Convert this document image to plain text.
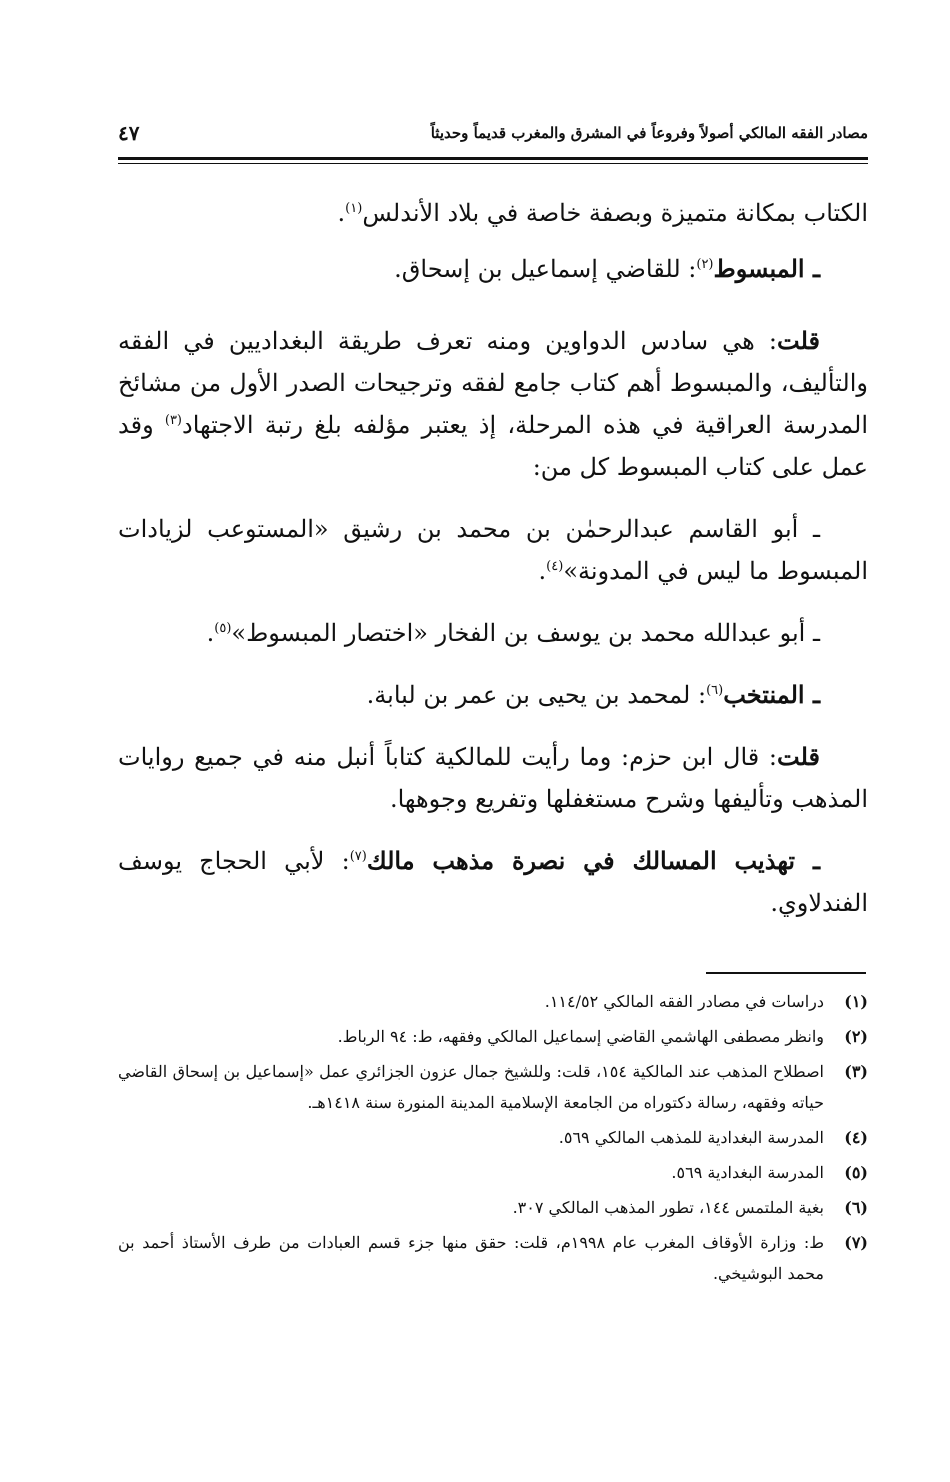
مصادر الفقه المالكي أصولاً وفروعاً في المشرق والمغرب قديماً وحديثاً
٤٧

الكتاب بمكانة متميزة وبصفة خاصة في بلاد الأندلس$^{(١)}$.

ـ المبسوط$^{(٢)}$: للقاضي إسماعيل بن إسحاق.

قلت: هي سادس الدواوين ومنه تعرف طريقة البغداديين في الفقه والتأليف، والمبسوط أهم كتاب جامع لفقه وترجيحات الصدر الأول من مشائخ المدرسة العراقية في هذه المرحلة، إذ يعتبر مؤلفه بلغ رتبة الاجتهاد$^{(٣)}$ وقد عمل على كتاب المبسوط كل من:

ـ أبو القاسم عبدالرحمٰن بن محمد بن رشيق «المستوعب لزيادات المبسوط ما ليس في المدونة»$^{(٤)}$.

ـ أبو عبدالله محمد بن يوسف بن الفخار «اختصار المبسوط»$^{(٥)}$.

ـ المنتخب$^{(٦)}$: لمحمد بن يحيى بن عمر بن لبابة.

قلت: قال ابن حزم: وما رأيت للمالكية كتاباً أنبل منه في جميع روايات المذهب وتأليفها وشرح مستغفلها وتفريع وجوهها.

ـ تهذيب المسالك في نصرة مذهب مالك$^{(٧)}$: لأبي الحجاج يوسف الفندلاوي.

(١)

دراسات في مصادر الفقه المالكي ١١٤/٥٢.

(٢)

وانظر مصطفى الهاشمي القاضي إسماعيل المالكي وفقهه، ط: ٩٤ الرباط.

(٣)

اصطلاح المذهب عند المالكية ١٥٤، قلت: وللشيخ جمال عزون الجزائري عمل «إسماعيل بن إسحاق القاضي حياته وفقهه، رسالة دكتوراه من الجامعة الإسلامية المدينة المنورة سنة ١٤١٨هـ.

(٤)

المدرسة البغدادية للمذهب المالكي ٥٦٩.

(٥)

المدرسة البغدادية ٥٦٩.

(٦)

بغية الملتمس ١٤٤، تطور المذهب المالكي ٣٠٧.

(٧)

ط: وزارة الأوقاف المغرب عام ١٩٩٨م، قلت: حقق منها جزء قسم العبادات من طرف الأستاذ أحمد بن محمد البوشيخي.
